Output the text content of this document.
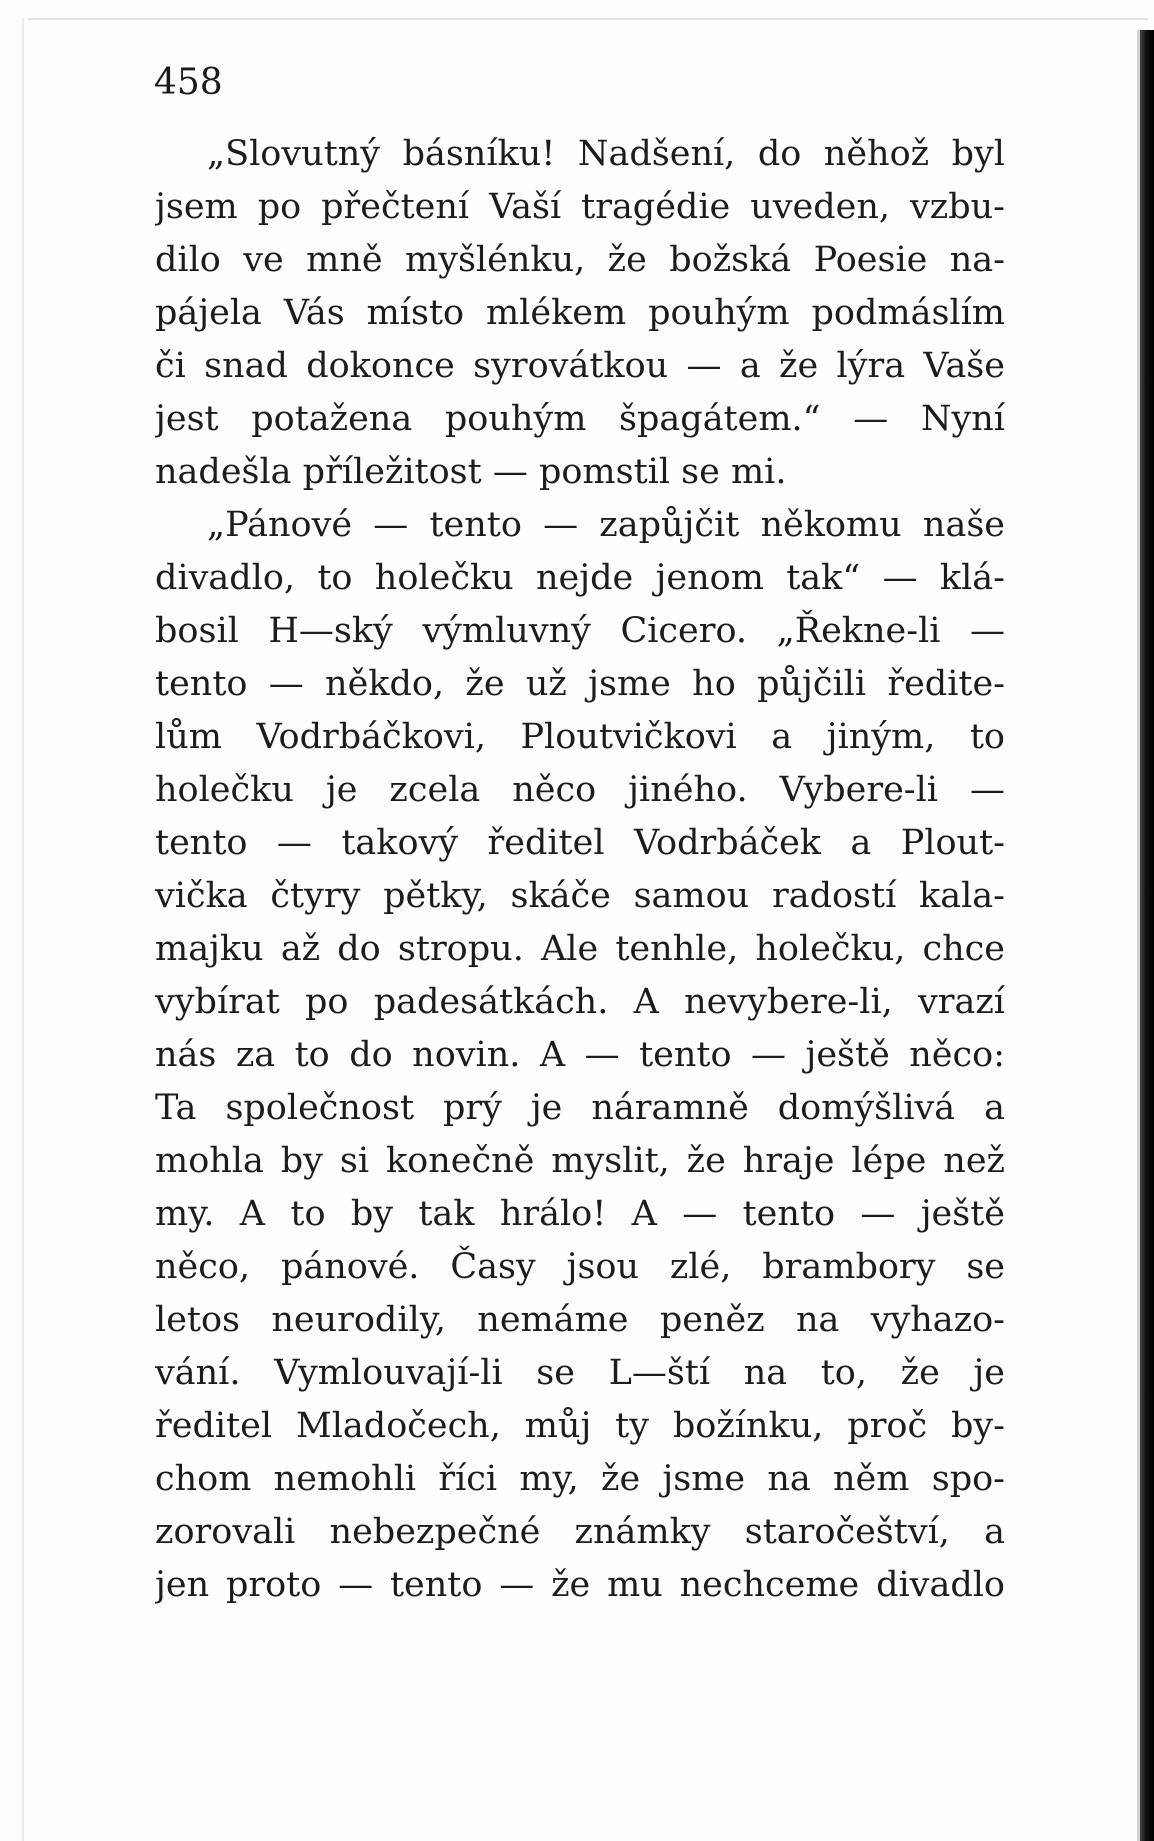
458
„Slovutný básníku! Nadšení, do něhož byl
jsem po přečtení Vaší tragédie uveden, vzbu-
dilo ve mně myšlénku, že božská Poesie na-
pájela Vás místo mlékem pouhým podmáslím
či snad dokonce syrovátkou — a že lýra Vaše
jest potažena pouhým špagátem.“ — Nyní
nadešla příležitost — pomstil se mi.
„Pánové — tento — zapůjčit někomu naše
divadlo, to holečku nejde jenom tak“ — klá-
bosil H—ský výmluvný Cicero. „Řekne-li —
tento — někdo, že už jsme ho půjčili ředite-
lům Vodrbáčkovi, Ploutvičkovi a jiným, to
holečku je zcela něco jiného. Vybere-li —
tento — takový ředitel Vodrbáček a Plout-
vička čtyry pětky, skáče samou radostí kala-
majku až do stropu. Ale tenhle, holečku, chce
vybírat po padesátkách. A nevybere-li, vrazí
nás za to do novin. A — tento — ještě něco:
Ta společnost prý je náramně domýšlivá a
mohla by si konečně myslit, že hraje lépe než
my. A to by tak hrálo! A — tento — ještě
něco, pánové. Časy jsou zlé, brambory se
letos neurodily, nemáme peněz na vyhazo-
vání. Vymlouvají-li se L—ští na to, že je
ředitel Mladočech, můj ty božínku, proč by-
chom nemohli říci my, že jsme na něm spo-
zorovali nebezpečné známky staročeštví, a
jen proto — tento — že mu nechceme divadlo
